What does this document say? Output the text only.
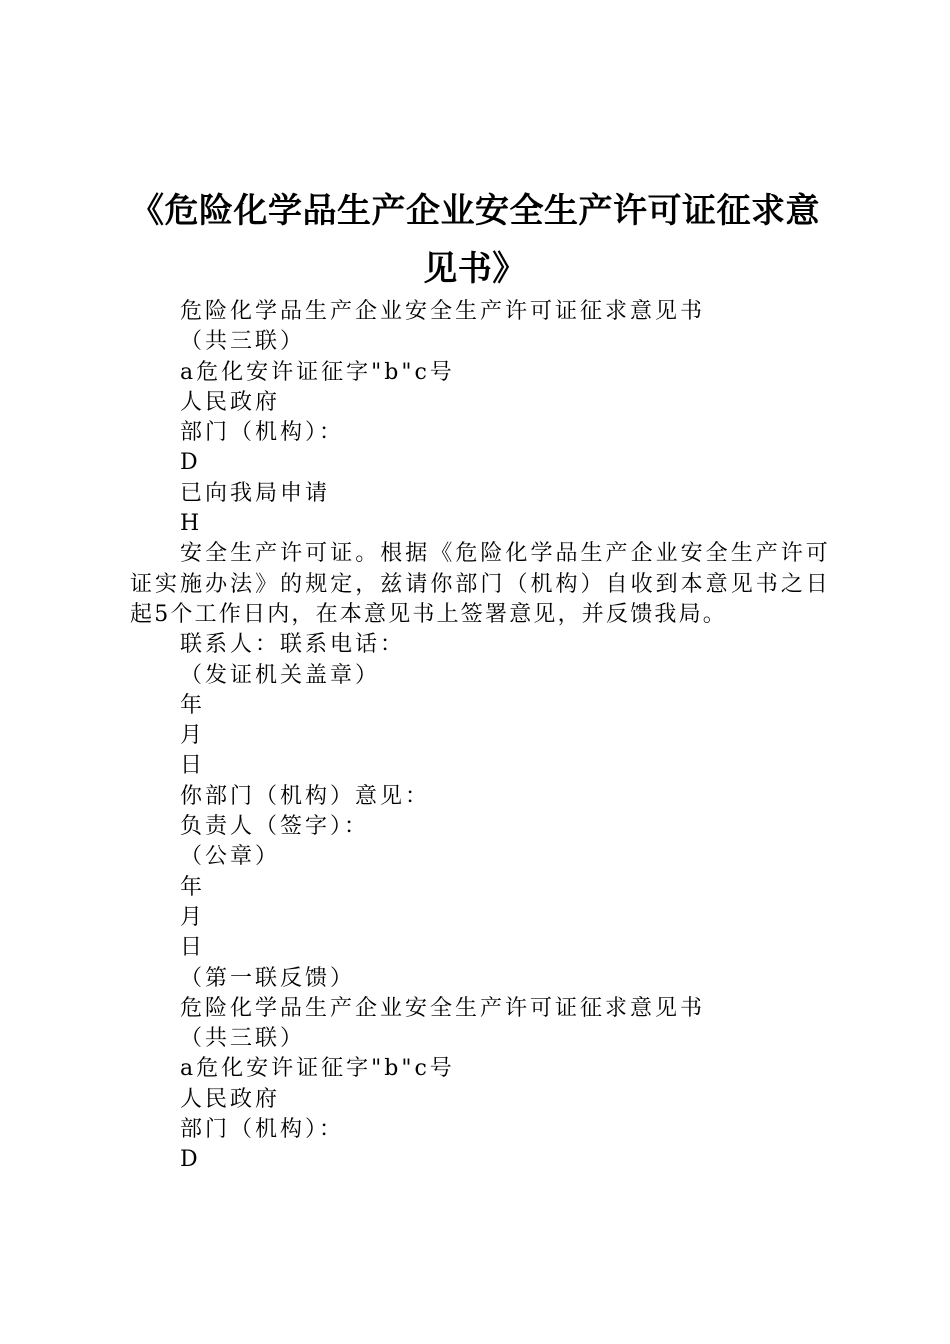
《危险化学品生产企业安全生产许可证征求意见书》
危险化学品生产企业安全生产许可证征求意见书
（共三联）
a危化安许证征字"b"c号
人民政府
部门（机构）：
D
已向我局申请
H
安全生产许可证。根据《危险化学品生产企业安全生产许可证实施办法》的规定，兹请你部门（机构）自收到本意见书之日起5个工作日内，在本意见书上签署意见，并反馈我局。
联系人：联系电话：
（发证机关盖章）
年
月
日
你部门（机构）意见：
负责人（签字）：
（公章）
年
月
日
（第一联反馈）
危险化学品生产企业安全生产许可证征求意见书
（共三联）
a危化安许证征字"b"c号
人民政府
部门（机构）：
D
